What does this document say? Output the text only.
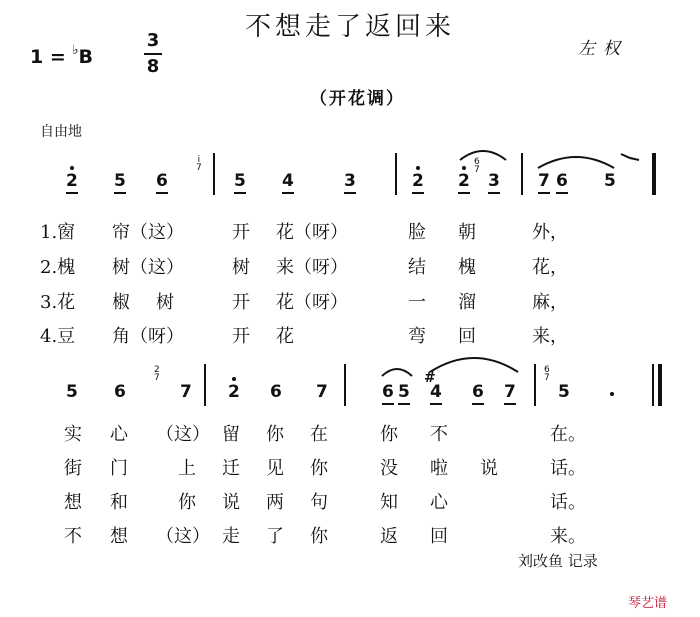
不想走了返回来
1 = ♭B
3
8
左权
（开花调）
自由地
2 5 6
i
7
5 4	3	2 2
6
7
3 7 6 5
1.窗 帘（这）	开 花（呀）	脸 朝	外，
2.槐 树（这）	树 来（呀）	结 槐	花，
3.花 椒 树	开 花（呀）	一 溜	麻，
4.豆 角（呀）	开 花	弯 回	来，
5 6
2
7
7 2 6 7	6 5
#
4 6 7
6
7
5
实 心 （这） 留 你 在	你 不	在。
街 门	上 迁 见 你	没 啦 说	话。
想 和	你 说 两 句	知 心	话。
不 想 （这） 走 了 你	返 回	来。
刘改鱼 记录
琴艺谱
